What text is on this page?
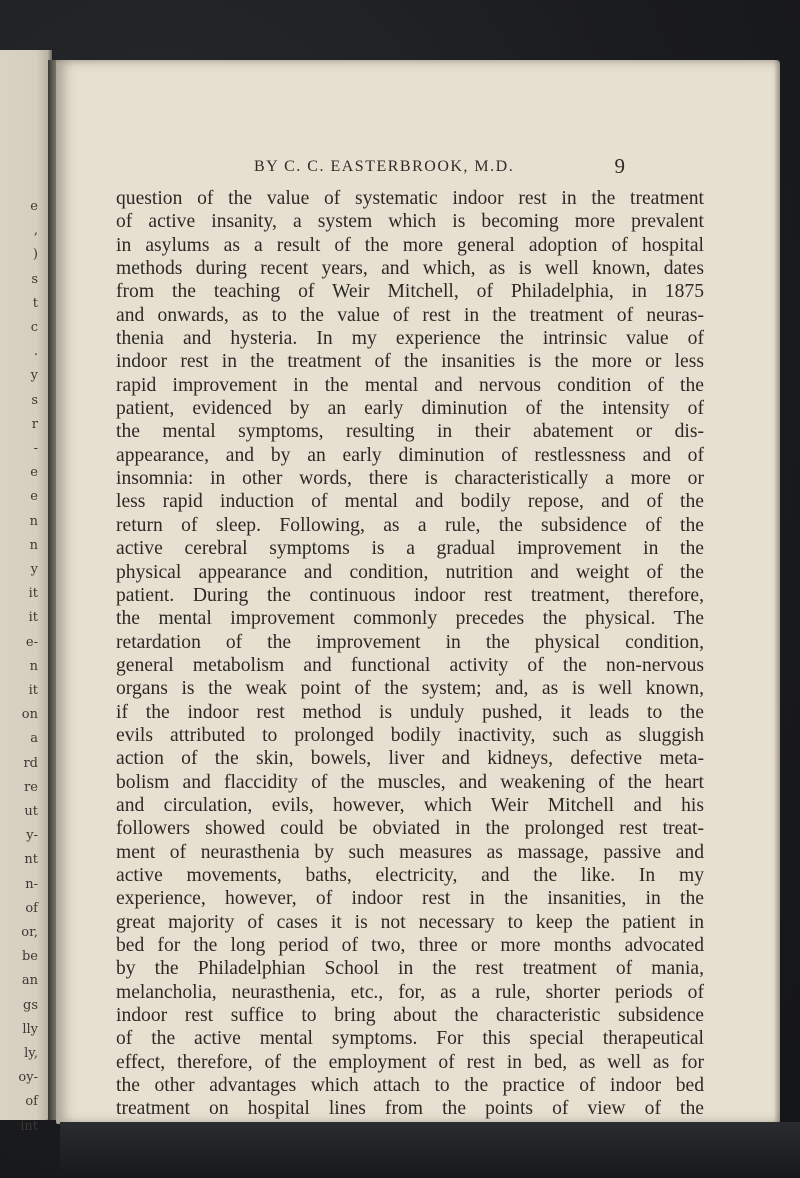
e
,
)
s
t
c
.
y
s
r
-
e
e
n
n
y
it
it
e-
n
it
on
a
rd
re
ut
y-
nt
n-
of
or,
be
an
gs
lly
ly,
oy-
of
int
BY C. C. EASTERBROOK, M.D.	9
question of the value of systematic indoor rest in the treatment
of active insanity, a system which is becoming more prevalent
in asylums as a result of the more general adoption of hospital
methods during recent years, and which, as is well known, dates
from the teaching of Weir Mitchell, of Philadelphia, in 1875
and onwards, as to the value of rest in the treatment of neuras-
thenia and hysteria. In my experience the intrinsic value of
indoor rest in the treatment of the insanities is the more or less
rapid improvement in the mental and nervous condition of the
patient, evidenced by an early diminution of the intensity of
the mental symptoms, resulting in their abatement or dis-
appearance, and by an early diminution of restlessness and of
insomnia: in other words, there is characteristically a more or
less rapid induction of mental and bodily repose, and of the
return of sleep. Following, as a rule, the subsidence of the
active cerebral symptoms is a gradual improvement in the
physical appearance and condition, nutrition and weight of the
patient. During the continuous indoor rest treatment, therefore,
the mental improvement commonly precedes the physical. The
retardation of the improvement in the physical condition,
general metabolism and functional activity of the non-nervous
organs is the weak point of the system; and, as is well known,
if the indoor rest method is unduly pushed, it leads to the
evils attributed to prolonged bodily inactivity, such as sluggish
action of the skin, bowels, liver and kidneys, defective meta-
bolism and flaccidity of the muscles, and weakening of the heart
and circulation, evils, however, which Weir Mitchell and his
followers showed could be obviated in the prolonged rest treat-
ment of neurasthenia by such measures as massage, passive and
active movements, baths, electricity, and the like. In my
experience, however, of indoor rest in the insanities, in the
great majority of cases it is not necessary to keep the patient in
bed for the long period of two, three or more months advocated
by the Philadelphian School in the rest treatment of mania,
melancholia, neurasthenia, etc., for, as a rule, shorter periods of
indoor rest suffice to bring about the characteristic subsidence
of the active mental symptoms. For this special therapeutical
effect, therefore, of the employment of rest in bed, as well as for
the other advantages which attach to the practice of indoor bed
treatment on hospital lines from the points of view of the
